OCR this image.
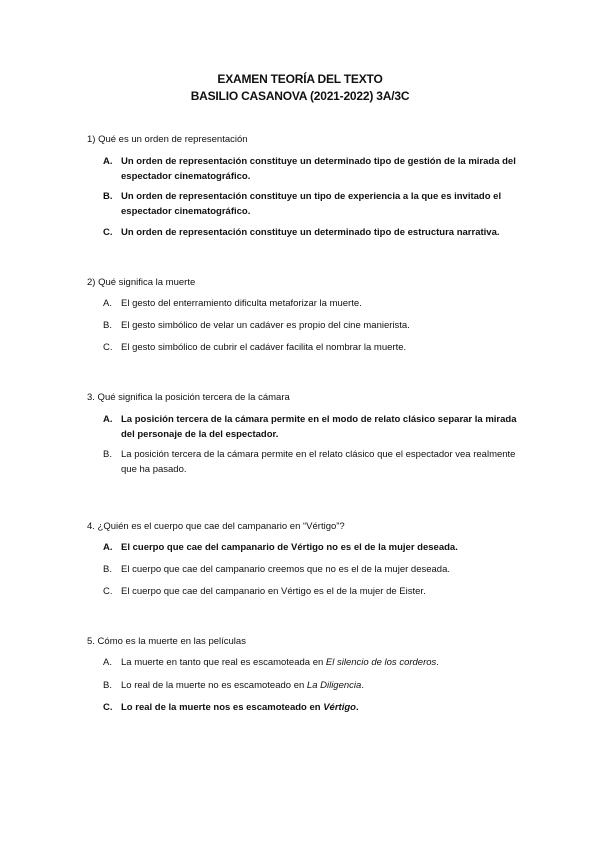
EXAMEN TEORÍA DEL TEXTO
BASILIO CASANOVA (2021-2022) 3A/3C
1) Qué es un orden de representación
A. Un orden de representación constituye un determinado tipo de gestión de la mirada del espectador cinematográfico.
B. Un orden de representación constituye un tipo de experiencia a la que es invitado el espectador cinematográfico.
C. Un orden de representación constituye un determinado tipo de estructura narrativa.
2) Qué significa la muerte
A. El gesto del enterramiento dificulta metaforizar la muerte.
B. El gesto simbólico de velar un cadáver es propio del cine manierista.
C. El gesto simbólico de cubrir el cadáver facilita el nombrar la muerte.
3. Qué significa la posición tercera de la cámara
A. La posición tercera de la cámara permite en el modo de relato clásico separar la mirada del personaje de la del espectador.
B. La posición tercera de la cámara permite en el relato clásico que el espectador vea realmente que ha pasado.
4. ¿Quién es el cuerpo que cae del campanario en “Vértigo”?
A. El cuerpo que cae del campanario de Vértigo no es el de la mujer deseada.
B. El cuerpo que cae del campanario creemos que no es el de la mujer deseada.
C. El cuerpo que cae del campanario en Vértigo es el de la mujer de Eister.
5. Cómo es la muerte en las películas
A. La muerte en tanto que real es escamoteada en El silencio de los corderos.
B. Lo real de la muerte no es escamoteado en La Diligencia.
C. Lo real de la muerte nos es escamoteado en Vértigo.
